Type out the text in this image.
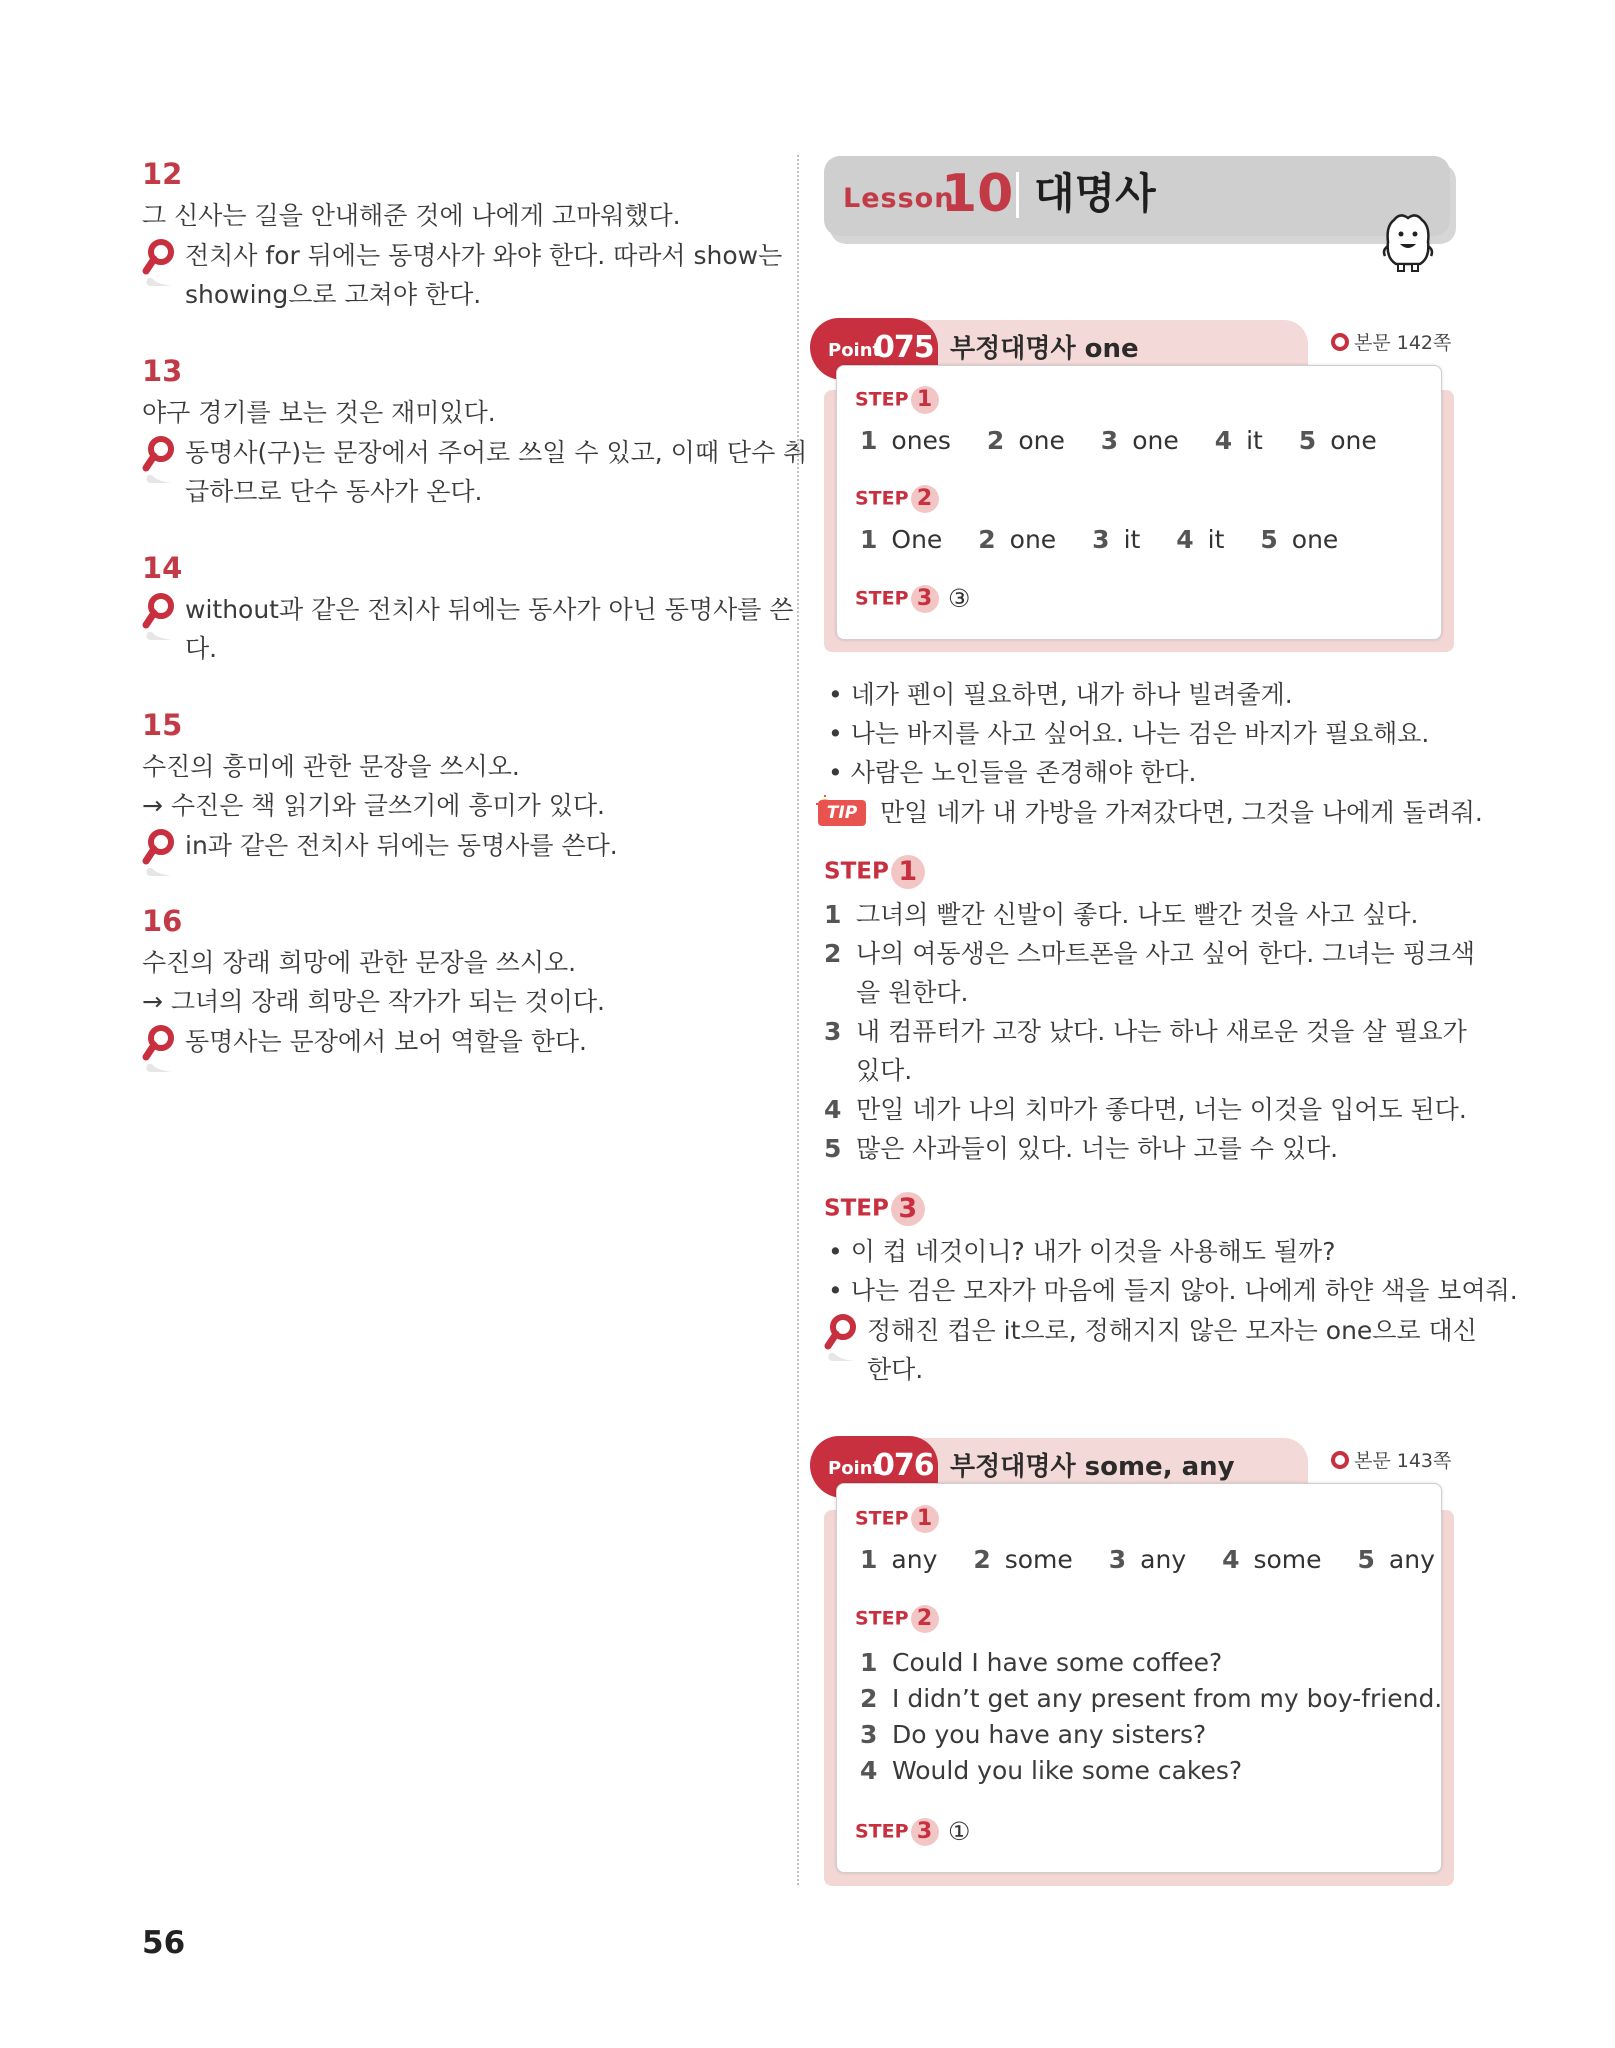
12
그 신사는 길을 안내해준 것에 나에게 고마워했다.
전치사 for 뒤에는 동명사가 와야 한다. 따라서 show는
showing으로 고쳐야 한다.
13
야구 경기를 보는 것은 재미있다.
동명사(구)는 문장에서 주어로 쓰일 수 있고, 이때 단수 취
급하므로 단수 동사가 온다.
14
without과 같은 전치사 뒤에는 동사가 아닌 동명사를 쓴
다.
15
수진의 흥미에 관한 문장을 쓰시오.
→ 수진은 책 읽기와 글쓰기에 흥미가 있다.
in과 같은 전치사 뒤에는 동명사를 쓴다.
16
수진의 장래 희망에 관한 문장을 쓰시오.
→ 그녀의 장래 희망은 작가가 되는 것이다.
동명사는 문장에서 보어 역할을 한다.
Lesson
10 대명사
Point
075 부정대명사 one	본문 142쪽
STEP 1
1 ones 2 one 3 one 4 it 5 one
STEP 2
1 One 2 one 3 it 4 it 5 one
STEP 3 ③
• 네가 펜이 필요하면, 내가 하나 빌려줄게.
• 나는 바지를 사고 싶어요. 나는 검은 바지가 필요해요.
• 사람은 노인들을 존경해야 한다.
TIP 만일 네가 내 가방을 가져갔다면, 그것을 나에게 돌려줘.
STEP 1
1 그녀의 빨간 신발이 좋다. 나도 빨간 것을 사고 싶다.
2 나의 여동생은 스마트폰을 사고 싶어 한다. 그녀는 핑크색
을 원한다.
3 내 컴퓨터가 고장 났다. 나는 하나 새로운 것을 살 필요가
있다.
4 만일 네가 나의 치마가 좋다면, 너는 이것을 입어도 된다.
5 많은 사과들이 있다. 너는 하나 고를 수 있다.
STEP 3
• 이 컵 네것이니? 내가 이것을 사용해도 될까?
• 나는 검은 모자가 마음에 들지 않아. 나에게 하얀 색을 보여줘.
정해진 컵은 it으로, 정해지지 않은 모자는 one으로 대신
한다.
Point
076 부정대명사 some, any	본문 143쪽
STEP 1
1 any 2 some 3 any 4 some 5 any
STEP 2
1 Could I have some coffee?
2 I didn’t get any present from my boy-friend.
3 Do you have any sisters?
4 Would you like some cakes?
STEP 3 ①
56
